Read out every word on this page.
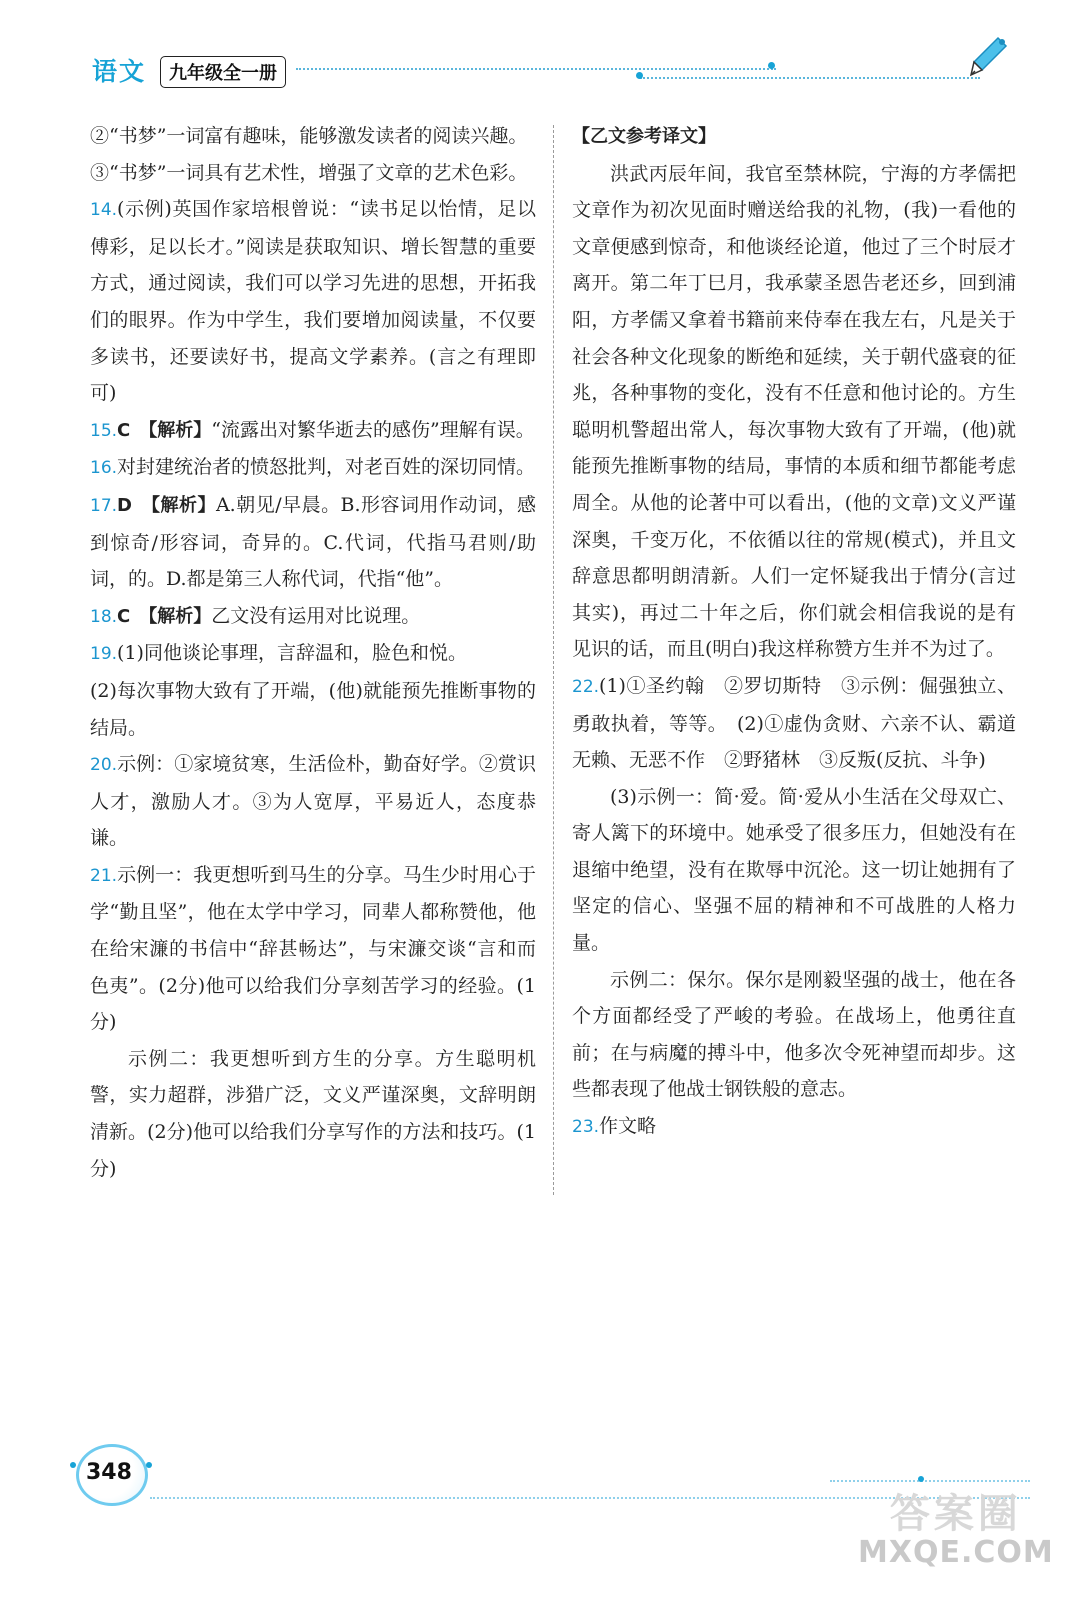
语文	九年级全一册

②“书梦”一词富有趣味，能够激发读者的阅读兴趣。

③“书梦”一词具有艺术性，增强了文章的艺术色彩。

14.(示例)英国作家培根曾说：“读书足以怡情，足以傅彩，足以长才。”阅读是获取知识、增长智慧的重要方式，通过阅读，我们可以学习先进的思想，开拓我们的眼界。作为中学生，我们要增加阅读量，不仅要多读书，还要读好书，提高文学素养。(言之有理即可)

15.C　【解析】“流露出对繁华逝去的感伤”理解有误。

16.对封建统治者的愤怒批判，对老百姓的深切同情。

17.D　【解析】A.朝见/早晨。B.形容词用作动词，感到惊奇/形容词，奇异的。C.代词，代指马君则/助词，的。D.都是第三人称代词，代指“他”。

18.C　【解析】乙文没有运用对比说理。

19.(1)同他谈论事理，言辞温和，脸色和悦。

(2)每次事物大致有了开端，(他)就能预先推断事物的结局。

20.示例：①家境贫寒，生活俭朴，勤奋好学。②赏识人才，激励人才。③为人宽厚，平易近人，态度恭谦。

21.示例一：我更想听到马生的分享。马生少时用心于学“勤且坚”，他在太学中学习，同辈人都称赞他，他在给宋濂的书信中“辞甚畅达”，与宋濂交谈“言和而色夷”。(2分)他可以给我们分享刻苦学习的经验。(1分)

示例二：我更想听到方生的分享。方生聪明机警，实力超群，涉猎广泛，文义严谨深奥，文辞明朗清新。(2分)他可以给我们分享写作的方法和技巧。(1分)

【乙文参考译文】

洪武丙辰年间，我官至禁林院，宁海的方孝儒把文章作为初次见面时赠送给我的礼物，(我)一看他的文章便感到惊奇，和他谈经论道，他过了三个时辰才离开。第二年丁巳月，我承蒙圣恩告老还乡，回到浦阳，方孝儒又拿着书籍前来侍奉在我左右，凡是关于社会各种文化现象的断绝和延续，关于朝代盛衰的征兆，各种事物的变化，没有不任意和他讨论的。方生聪明机警超出常人，每次事物大致有了开端，(他)就能预先推断事物的结局，事情的本质和细节都能考虑周全。从他的论著中可以看出，(他的文章)文义严谨深奥，千变万化，不依循以往的常规(模式)，并且文辞意思都明朗清新。人们一定怀疑我出于情分(言过其实)，再过二十年之后，你们就会相信我说的是有见识的话，而且(明白)我这样称赞方生并不为过了。

22.(1)①圣约翰　②罗切斯特　③示例：倔强独立、勇敢执着，等等。　(2)①虚伪贪财、六亲不认、霸道无赖、无恶不作　②野猪林　③反叛(反抗、斗争)

(3)示例一：简·爱。简·爱从小生活在父母双亡、寄人篱下的环境中。她承受了很多压力，但她没有在退缩中绝望，没有在欺辱中沉沦。这一切让她拥有了坚定的信心、坚强不屈的精神和不可战胜的人格力量。

示例二：保尔。保尔是刚毅坚强的战士，他在各个方面都经受了严峻的考验。在战场上，他勇往直前；在与病魔的搏斗中，他多次令死神望而却步。这些都表现了他战士钢铁般的意志。

23.作文略

348
答案圈
MXQE.COM
